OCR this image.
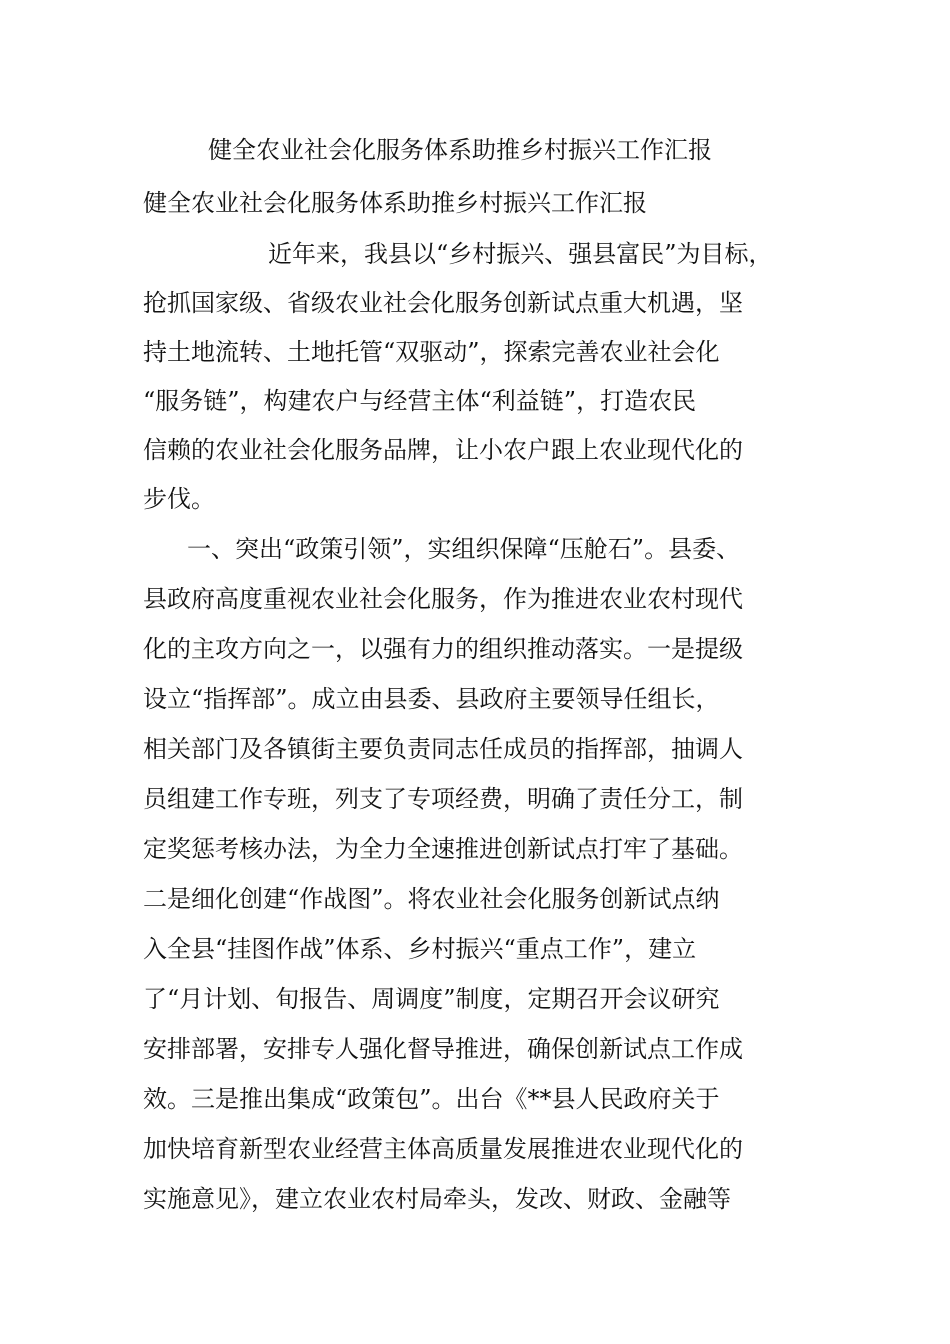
健全农业社会化服务体系助推乡村振兴工作汇报
健全农业社会化服务体系助推乡村振兴工作汇报
近年来，我县以“乡村振兴、强县富民”为目标，
抢抓国家级、省级农业社会化服务创新试点重大机遇，坚
持土地流转、土地托管“双驱动”，探索完善农业社会化
“服务链”，构建农户与经营主体“利益链”，打造农民
信赖的农业社会化服务品牌，让小农户跟上农业现代化的
步伐。
一、突出“政策引领”，实组织保障“压舱石”。县委、
县政府高度重视农业社会化服务，作为推进农业农村现代
化的主攻方向之一，以强有力的组织推动落实。一是提级
设立“指挥部”。成立由县委、县政府主要领导任组长，
相关部门及各镇街主要负责同志任成员的指挥部，抽调人
员组建工作专班，列支了专项经费，明确了责任分工，制
定奖惩考核办法，为全力全速推进创新试点打牢了基础。
二是细化创建“作战图”。将农业社会化服务创新试点纳
入全县“挂图作战”体系、乡村振兴“重点工作”，建立
了“月计划、旬报告、周调度”制度，定期召开会议研究
安排部署，安排专人强化督导推进，确保创新试点工作成
效。三是推出集成“政策包”。出台《**县人民政府关于
加快培育新型农业经营主体高质量发展推进农业现代化的
实施意见》，建立农业农村局牵头，发改、财政、金融等
